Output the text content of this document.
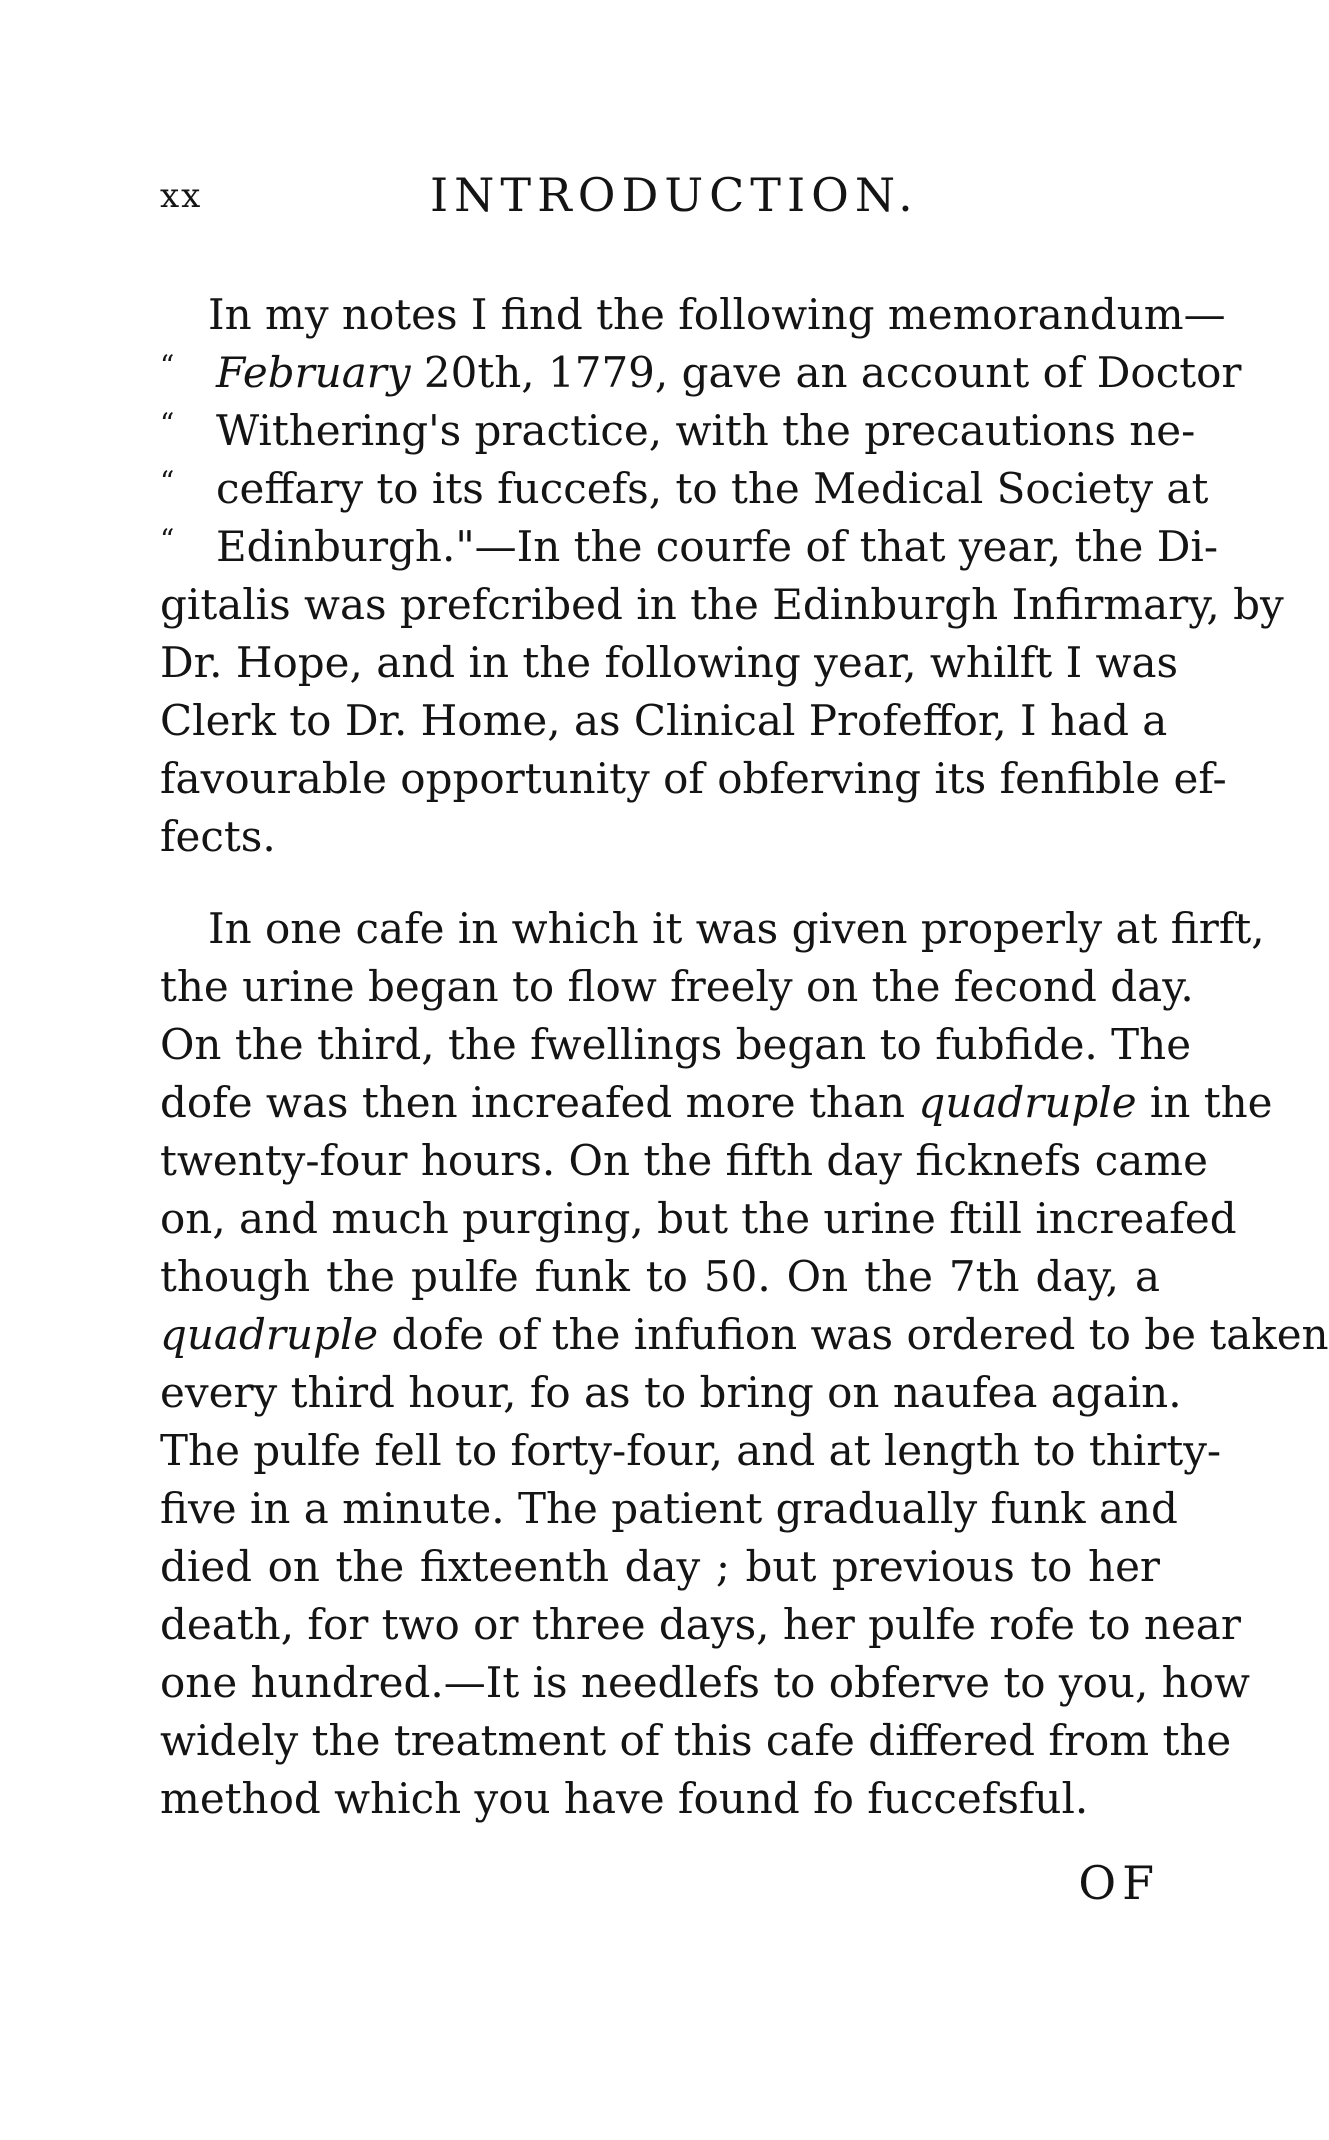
xx	INTRODUCTION.
In my notes I find the following memorandum—
“ February 20th, 1779, gave an account of Doctor
“ Withering's practice, with the precautions ne-
“ ceffary to its fuccefs, to the Medical Society at
“ Edinburgh."—In the courfe of that year, the Di-
gitalis was prefcribed in the Edinburgh Infirmary, by
Dr. Hope, and in the following year, whilft I was
Clerk to Dr. Home, as Clinical Profeffor, I had a
favourable opportunity of obferving its fenfible ef-
fects.
In one cafe in which it was given properly at firft,
the urine began to flow freely on the fecond day.
On the third, the fwellings began to fubfide. The
dofe was then increafed more than quadruple in the
twenty-four hours. On the fifth day ficknefs came
on, and much purging, but the urine ftill increafed
though the pulfe funk to 50. On the 7th day, a
quadruple dofe of the infufion was ordered to be taken
every third hour, fo as to bring on naufea again.
The pulfe fell to forty-four, and at length to thirty-
five in a minute. The patient gradually funk and
died on the fixteenth day ; but previous to her
death, for two or three days, her pulfe rofe to near
one hundred.—It is needlefs to obferve to you, how
widely the treatment of this cafe differed from the
method which you have found fo fuccefsful.
OF
